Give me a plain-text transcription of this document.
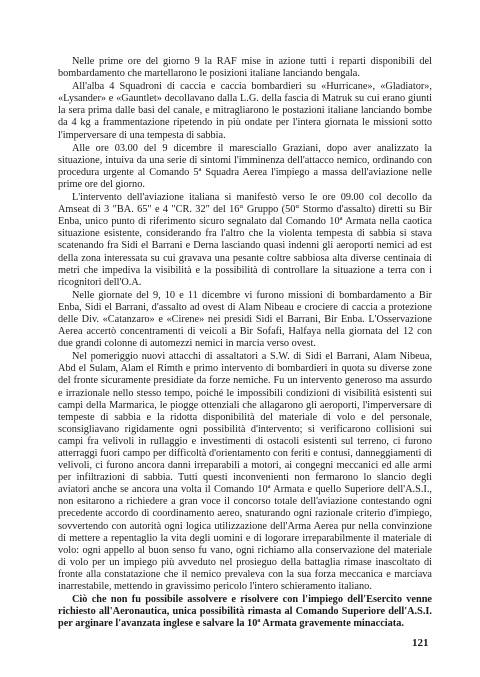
Nelle prime ore del giorno 9 la RAF mise in azione tutti i reparti disponibili del bombardamento che martellarono le posizioni italiane lanciando bengala.

All'alba 4 Squadroni di caccia e caccia bombardieri su «Hurricane», «Gladiator», «Lysander» e «Gauntlet» decollavano dalla L.G. della fascia di Matruk su cui erano giunti la sera prima dalle basi del canale, e mitragliarono le postazioni italiane lanciando bombe da 4 kg a frammentazione ripetendo in più ondate per l'intera giornata le missioni sotto l'imperversare di una tempesta di sabbia.

Alle ore 03.00 del 9 dicembre il maresciallo Graziani, dopo aver analizzato la situazione, intuiva da una serie di sintomi l'imminenza dell'attacco nemico, ordinando con procedura urgente al Comando 5ª Squadra Aerea l'impiego a massa dell'aviazione nelle prime ore del giorno.

L'intervento dell'aviazione italiana si manifestò verso le ore 09.00 col decollo da Amseat di 3 "BA. 65" e 4 "CR. 32" del 16° Gruppo (50° Stormo d'assalto) diretti su Bir Enba, unico punto di riferimento sicuro segnalato dal Comando 10ª Armata nella caotica situazione esistente, considerando fra l'altro che la violenta tempesta di sabbia si stava scatenando fra Sidi el Barrani e Derna lasciando quasi indenni gli aeroporti nemici ad est della zona interessata su cui gravava una pesante coltre sabbiosa alta diverse centinaia di metri che impediva la visibilità e la possibilità di controllare la situazione a terra con i ricognitori dell'O.A.

Nelle giornate del 9, 10 e 11 dicembre vi furono missioni di bombardamento a Bir Enba, Sidi el Barrani, d'assalto ad ovest di Alam Nibeau e crociere di caccia a protezione delle Div. «Catanzaro» e «Cirene» nei presidi Sidi el Barrani, Bir Enba. L'Osservazione Aerea accertò concentramenti di veicoli a Bir Sofafi, Halfaya nella giornata del 12 con due grandi colonne di automezzi nemici in marcia verso ovest.

Nel pomeriggio nuovi attacchi di assaltatori a S.W. di Sidi el Barrani, Alam Nibeua, Abd el Sulam, Alam el Rimth e primo intervento di bombardieri in quota su diverse zone del fronte sicuramente presidiate da forze nemiche. Fu un intervento generoso ma assurdo e irrazionale nello stesso tempo, poiché le impossibili condizioni di visibilità esistenti sui campi della Marmarica, le piogge ottenziali che allagarono gli aeroporti, l'imperversare di tempeste di sabbia e la ridotta disponibilità del materiale di volo e del personale, sconsigliavano rigidamente ogni possibilità d'intervento; si verificarono collisioni sui campi fra velivoli in rullaggio e investimenti di ostacoli esistenti sul terreno, ci furono atterraggi fuori campo per difficoltà d'orientamento con feriti e contusi, danneggiamenti di velivoli, ci furono ancora danni irreparabili a motori, ai congegni meccanici ed alle armi per infiltrazioni di sabbia. Tutti questi inconvenienti non fermarono lo slancio degli aviatori anche se ancora una volta il Comando 10ª Armata e quello Superiore dell'A.S.I., non esitarono a richiedere a gran voce il concorso totale dell'aviazione contestando ogni precedente accordo di coordinamento aereo, snaturando ogni razionale criterio d'impiego, sovvertendo con autorità ogni logica utilizzazione dell'Arma Aerea pur nella convinzione di mettere a repentaglio la vita degli uomini e di logorare irreparabilmente il materiale di volo: ogni appello al buon senso fu vano, ogni richiamo alla conservazione del materiale di volo per un impiego più avveduto nel prosieguo della battaglia rimase inascoltato di fronte alla constatazione che il nemico prevaleva con la sua forza meccanica e marciava inarrestabile, mettendo in gravissimo pericolo l'intero schieramento italiano.

Ciò che non fu possibile assolvere e risolvere con l'impiego dell'Esercito venne richiesto all'Aeronautica, unica possibilità rimasta al Comando Superiore dell'A.S.I. per arginare l'avanzata inglese e salvare la 10ª Armata gravemente minacciata.

121
